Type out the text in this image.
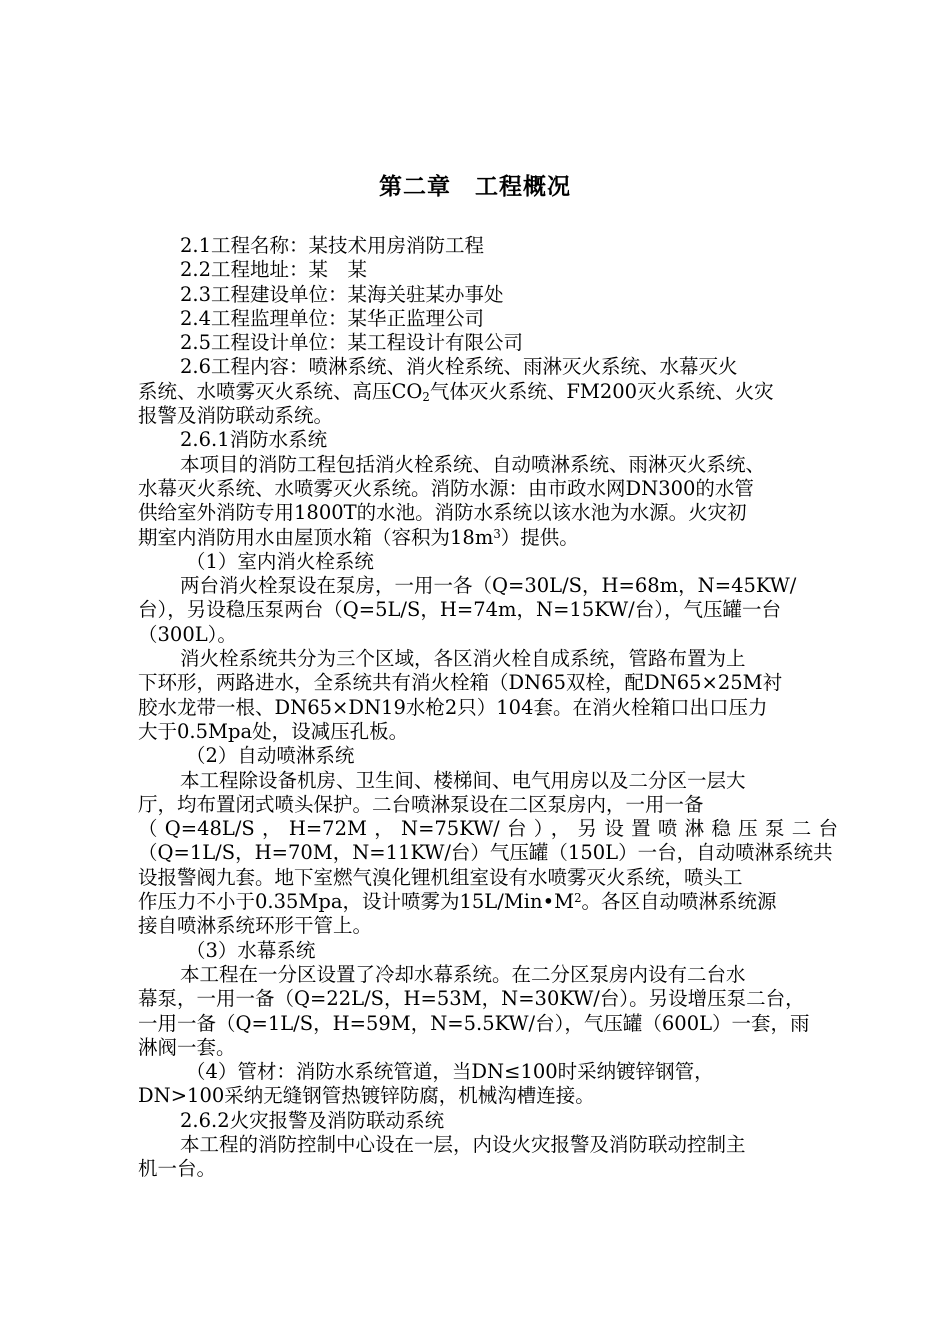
第二章　工程概况
2.1工程名称：某技术用房消防工程
2.2工程地址：某　某
2.3工程建设单位：某海关驻某办事处
2.4工程监理单位：某华正监理公司
2.5工程设计单位：某工程设计有限公司
2.6工程内容：喷淋系统、消火栓系统、雨淋灭火系统、水幕灭火
系统、水喷雾灭火系统、高压$CO_2$气体灭火系统、FM200灭火系统、火灾
报警及消防联动系统。
2.6.1消防水系统
本项目的消防工程包括消火栓系统、自动喷淋系统、雨淋灭火系统、
水幕灭火系统、水喷雾灭火系统。消防水源：由市政水网DN300的水管
供给室外消防专用1800T的水池。消防水系统以该水池为水源。火灾初
期室内消防用水由屋顶水箱（容积为$18m^3$）提供。
（1）室内消火栓系统
两台消火栓泵设在泵房，一用一各（Q=30L/S，H=68m，N=45KW/
台），另设稳压泵两台（Q=5L/S，H=74m，N=15KW/台），气压罐一台
（300L）。
消火栓系统共分为三个区域，各区消火栓自成系统，管路布置为上
下环形，两路进水，全系统共有消火栓箱（DN65双栓，配DN65×25M衬
胶水龙带一根、DN65×DN19水枪2只）104套。在消火栓箱口出口压力
大于0.5Mpa处，设减压孔板。
（2）自动喷淋系统
本工程除设备机房、卫生间、楼梯间、电气用房以及二分区一层大
厅，均布置闭式喷头保护。二台喷淋泵设在二区泵房内，一用一备
（Q=48L/S，H=72M，N=75KW/台），另设置喷淋稳压泵二台
（Q=1L/S，H=70M，N=11KW/台）气压罐（150L）一台，自动喷淋系统共
设报警阀九套。地下室燃气溴化锂机组室设有水喷雾灭火系统，喷头工
作压力不小于0.35Mpa，设计喷雾为$15L/Min•M^2$。各区自动喷淋系统源
接自喷淋系统环形干管上。
（3）水幕系统
本工程在一分区设置了冷却水幕系统。在二分区泵房内设有二台水
幕泵，一用一备（Q=22L/S，H=53M，N=30KW/台）。另设增压泵二台，
一用一备（Q=1L/S，H=59M，N=5.5KW/台），气压罐（600L）一套，雨
淋阀一套。
（4）管材：消防水系统管道，当DN≤100时采纳镀锌钢管，
DN>100采纳无缝钢管热镀锌防腐，机械沟槽连接。
2.6.2火灾报警及消防联动系统
本工程的消防控制中心设在一层，内设火灾报警及消防联动控制主
机一台。
